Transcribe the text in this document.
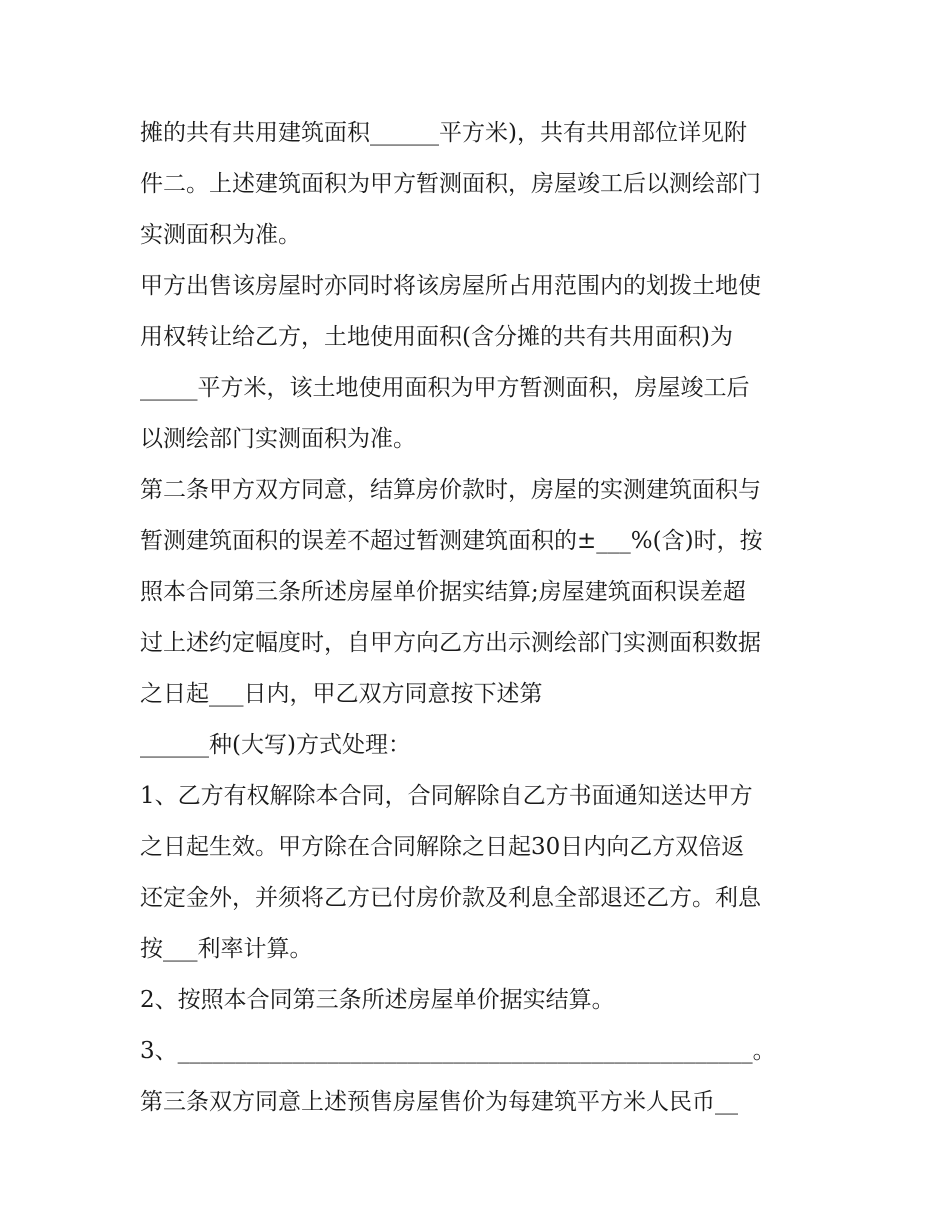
摊的共有共用建筑面积______平方米)，共有共用部位详见附
件二。上述建筑面积为甲方暂测面积，房屋竣工后以测绘部门
实测面积为准。
甲方出售该房屋时亦同时将该房屋所占用范围内的划拨土地使
用权转让给乙方，土地使用面积(含分摊的共有共用面积)为
_____平方米，该土地使用面积为甲方暂测面积，房屋竣工后
以测绘部门实测面积为准。
第二条甲方双方同意，结算房价款时，房屋的实测建筑面积与
暂测建筑面积的误差不超过暂测建筑面积的±___%(含)时，按
照本合同第三条所述房屋单价据实结算;房屋建筑面积误差超
过上述约定幅度时，自甲方向乙方出示测绘部门实测面积数据
之日起___日内，甲乙双方同意按下述第
______种(大写)方式处理：
1、乙方有权解除本合同，合同解除自乙方书面通知送达甲方
之日起生效。甲方除在合同解除之日起30日内向乙方双倍返
还定金外，并须将乙方已付房价款及利息全部退还乙方。利息
按___利率计算。
2、按照本合同第三条所述房屋单价据实结算。
3、__________________________________________________。
第三条双方同意上述预售房屋售价为每建筑平方米人民币__
